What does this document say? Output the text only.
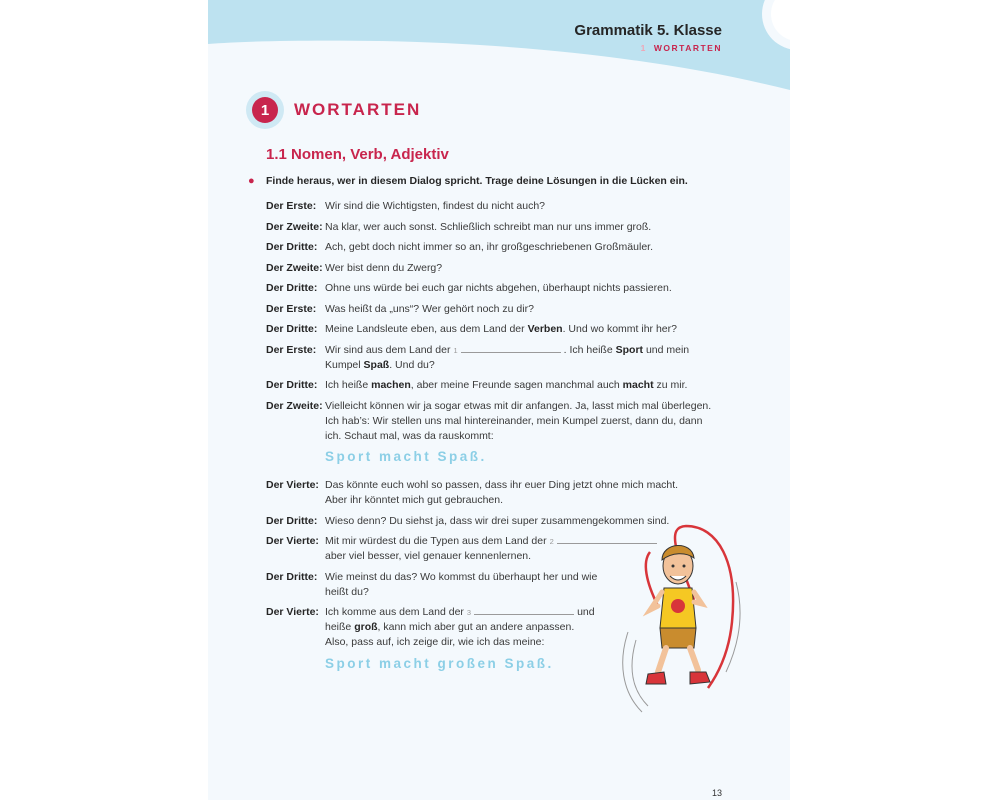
Grammatik 5. Klasse
1 WORTARTEN
1	WORTARTEN
1.1 Nomen, Verb, Adjektiv
●	Finde heraus, wer in diesem Dialog spricht. Trage deine Lösungen in die Lücken ein.
Der Erste: Wir sind die Wichtigsten, findest du nicht auch?
Der Zweite: Na klar, wer auch sonst. Schließlich schreibt man nur uns immer groß.
Der Dritte: Ach, gebt doch nicht immer so an, ihr großgeschriebenen Großmäuler.
Der Zweite: Wer bist denn du Zwerg?
Der Dritte: Ohne uns würde bei euch gar nichts abgehen, überhaupt nichts passieren.
Der Erste: Was heißt da „uns“? Wer gehört noch zu dir?
Der Dritte: Meine Landsleute eben, aus dem Land der Verben. Und wo kommt ihr her?
Der Erste: Wir sind aus dem Land der 1	. Ich heiße Sport und mein
Kumpel Spaß. Und du?
Der Dritte: Ich heiße machen, aber meine Freunde sagen manchmal auch macht zu mir.
Der Zweite: Vielleicht können wir ja sogar etwas mit dir anfangen. Ja, lasst mich mal überlegen.
Ich hab’s: Wir stellen uns mal hintereinander, mein Kumpel zuerst, dann du, dann
ich. Schaut mal, was da rauskommt:
Sport macht Spaß.
Der Vierte: Das könnte euch wohl so passen, dass ihr euer Ding jetzt ohne mich macht.
Aber ihr könntet mich gut gebrauchen.
Der Dritte: Wieso denn? Du siehst ja, dass wir drei super zusammengekommen sind.
Der Vierte: Mit mir würdest du die Typen aus dem Land der 2
aber viel besser, viel genauer kennenlernen.
Der Dritte: Wie meinst du das? Wo kommst du überhaupt her und wie
heißt du?
Der Vierte: Ich komme aus dem Land der 3	und
heiße groß, kann mich aber gut an andere anpassen.
Also, pass auf, ich zeige dir, wie ich das meine:
Sport macht großen Spaß.
13
